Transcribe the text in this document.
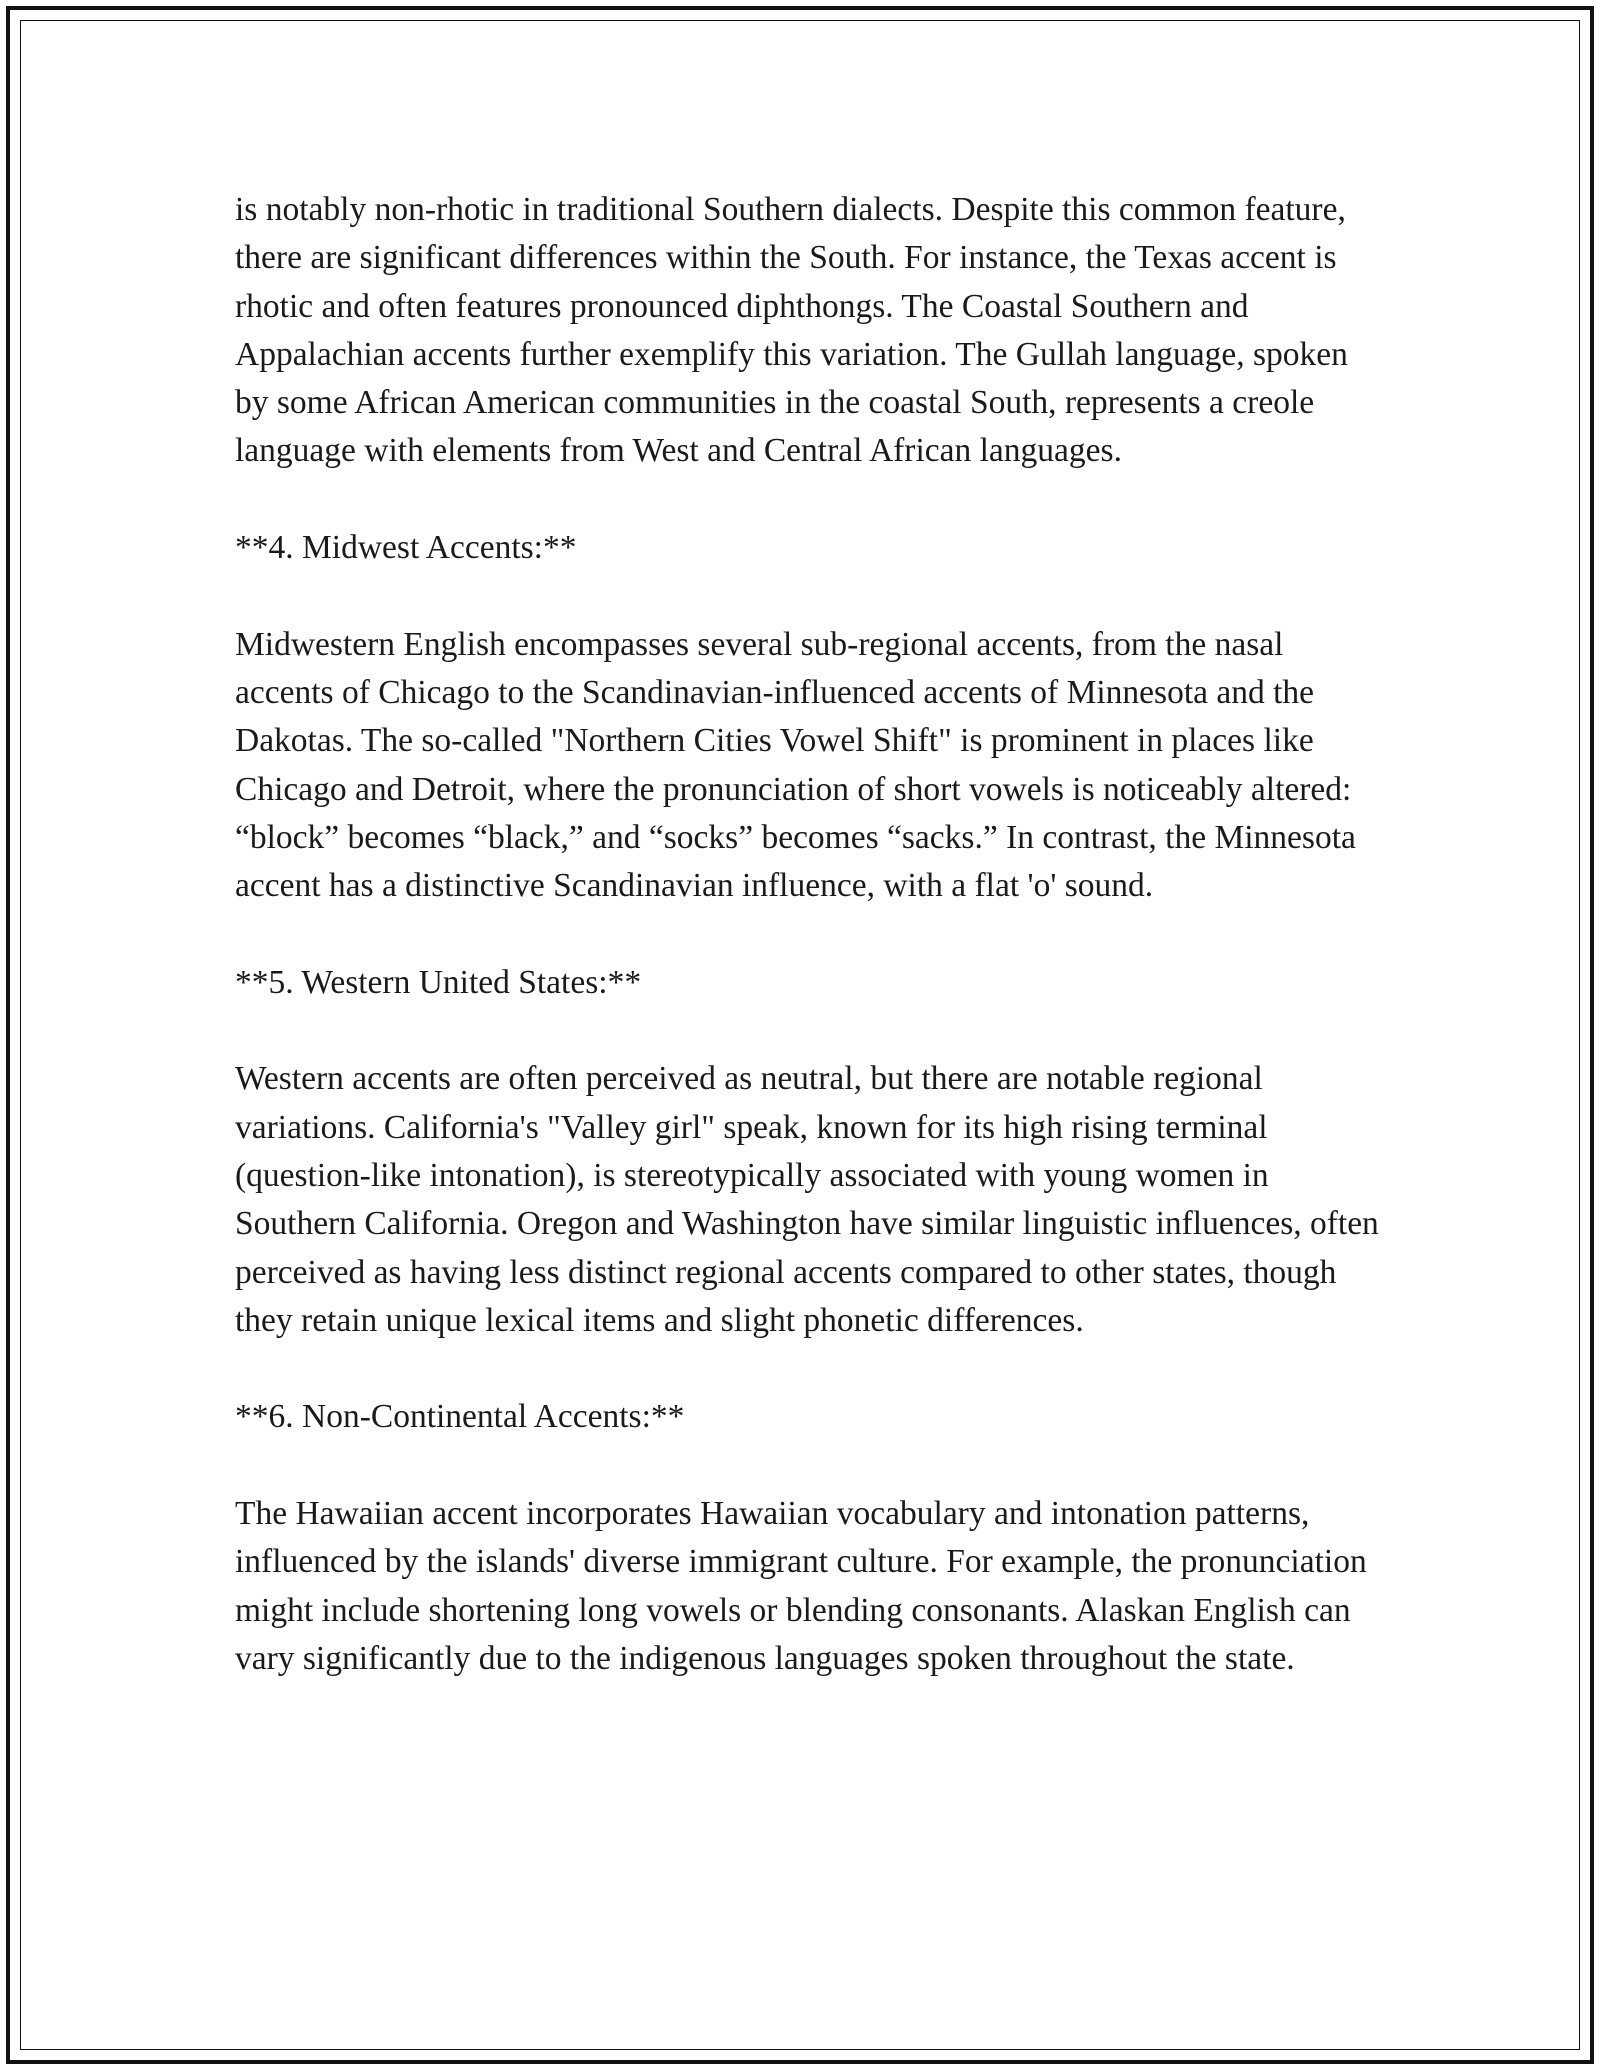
is notably non-rhotic in traditional Southern dialects. Despite this common feature, there are significant differences within the South. For instance, the Texas accent is rhotic and often features pronounced diphthongs. The Coastal Southern and Appalachian accents further exemplify this variation. The Gullah language, spoken by some African American communities in the coastal South, represents a creole language with elements from West and Central African languages.

**4. Midwest Accents:**

Midwestern English encompasses several sub-regional accents, from the nasal accents of Chicago to the Scandinavian-influenced accents of Minnesota and the Dakotas. The so-called "Northern Cities Vowel Shift" is prominent in places like Chicago and Detroit, where the pronunciation of short vowels is noticeably altered: “block” becomes “black,” and “socks” becomes “sacks.” In contrast, the Minnesota accent has a distinctive Scandinavian influence, with a flat 'o' sound.

**5. Western United States:**

Western accents are often perceived as neutral, but there are notable regional variations. California's "Valley girl" speak, known for its high rising terminal (question-like intonation), is stereotypically associated with young women in Southern California. Oregon and Washington have similar linguistic influences, often perceived as having less distinct regional accents compared to other states, though they retain unique lexical items and slight phonetic differences.

**6. Non-Continental Accents:**

The Hawaiian accent incorporates Hawaiian vocabulary and intonation patterns, influenced by the islands' diverse immigrant culture. For example, the pronunciation might include shortening long vowels or blending consonants. Alaskan English can vary significantly due to the indigenous languages spoken throughout the state.
